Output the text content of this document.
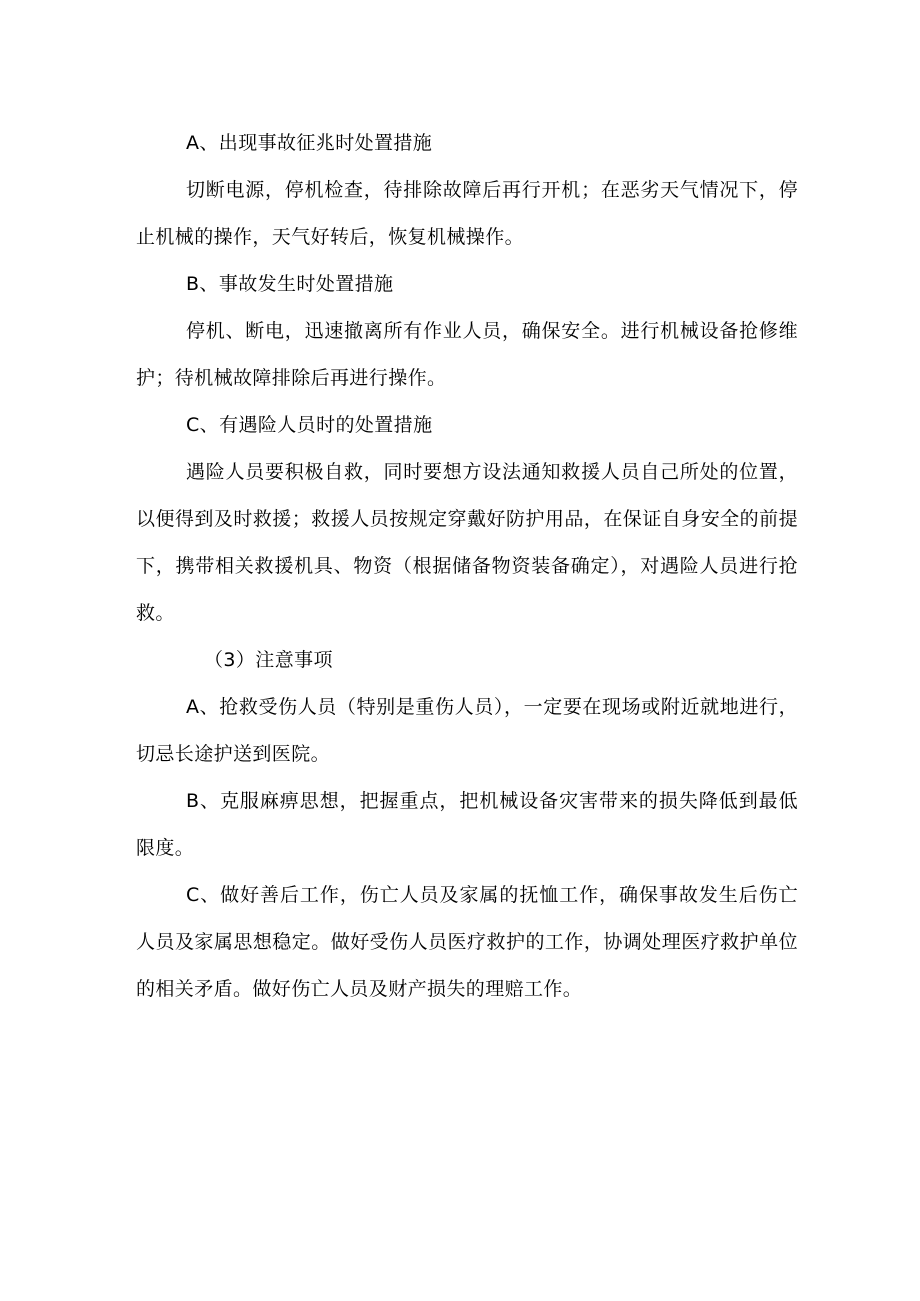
A、出现事故征兆时处置措施

切断电源，停机检查，待排除故障后再行开机；在恶劣天气情况下，停止机械的操作，天气好转后，恢复机械操作。

B、事故发生时处置措施

停机、断电，迅速撤离所有作业人员，确保安全。进行机械设备抢修维护；待机械故障排除后再进行操作。

C、有遇险人员时的处置措施

遇险人员要积极自救，同时要想方设法通知救援人员自己所处的位置，以便得到及时救援；救援人员按规定穿戴好防护用品，在保证自身安全的前提下，携带相关救援机具、物资（根据储备物资装备确定），对遇险人员进行抢救。

（3）注意事项

A、抢救受伤人员（特别是重伤人员），一定要在现场或附近就地进行，切忌长途护送到医院。

B、克服麻痹思想，把握重点，把机械设备灾害带来的损失降低到最低限度。

C、做好善后工作，伤亡人员及家属的抚恤工作，确保事故发生后伤亡人员及家属思想稳定。做好受伤人员医疗救护的工作，协调处理医疗救护单位的相关矛盾。做好伤亡人员及财产损失的理赔工作。
